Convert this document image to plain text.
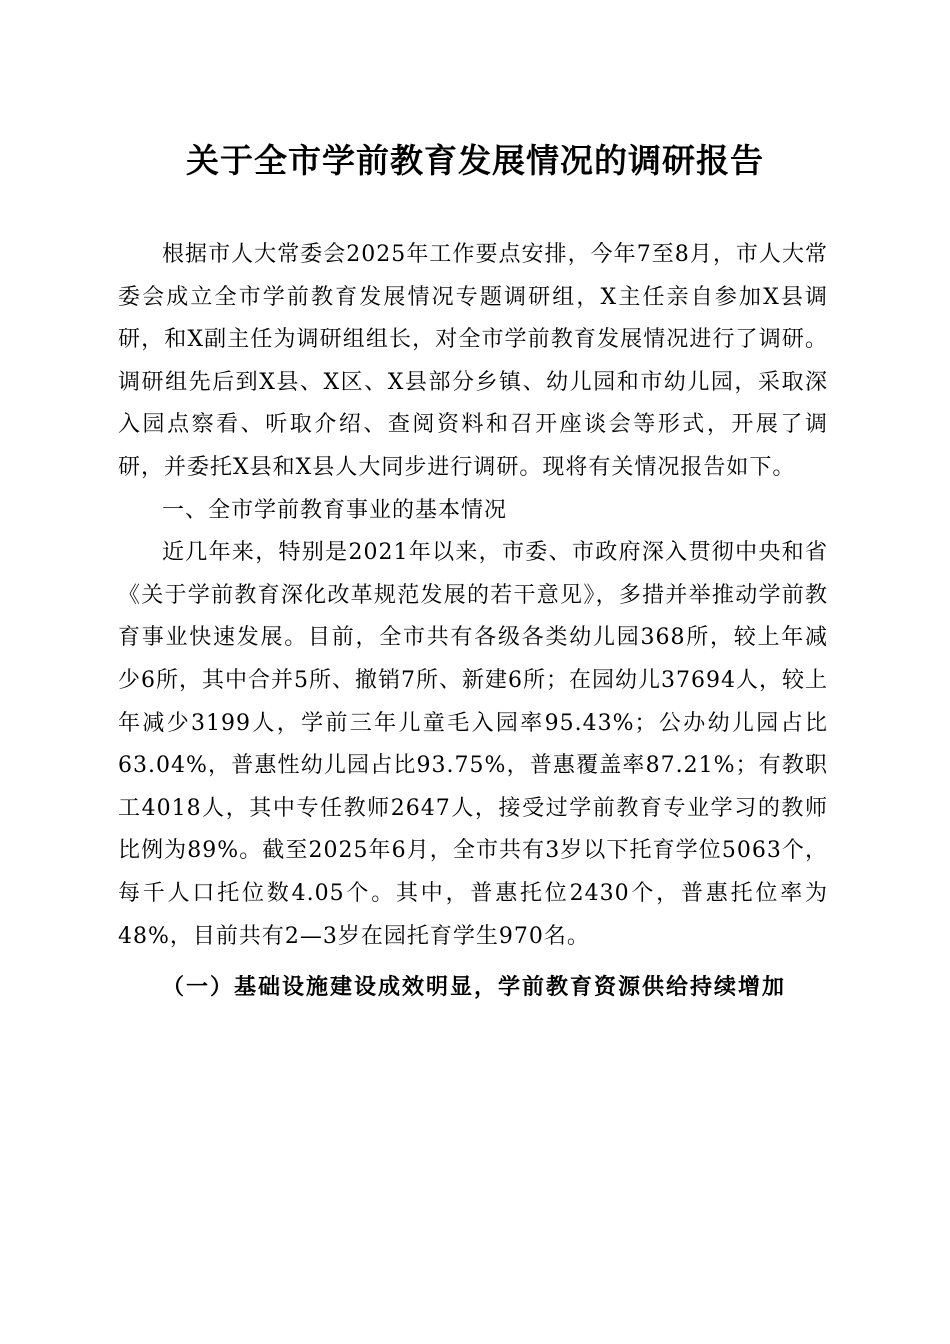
关于全市学前教育发展情况的调研报告

根据市人大常委会2025年工作要点安排，今年7至8月，市人大常委会成立全市学前教育发展情况专题调研组，X主任亲自参加X县调研，和X副主任为调研组组长，对全市学前教育发展情况进行了调研。调研组先后到X县、X区、X县部分乡镇、幼儿园和市幼儿园，采取深入园点察看、听取介绍、查阅资料和召开座谈会等形式，开展了调研，并委托X县和X县人大同步进行调研。现将有关情况报告如下。

一、全市学前教育事业的基本情况

近几年来，特别是2021年以来，市委、市政府深入贯彻中央和省《关于学前教育深化改革规范发展的若干意见》，多措并举推动学前教育事业快速发展。目前，全市共有各级各类幼儿园368所，较上年减少6所，其中合并5所、撤销7所、新建6所；在园幼儿37694人，较上年减少3199人，学前三年儿童毛入园率95.43%；公办幼儿园占比63.04%，普惠性幼儿园占比93.75%，普惠覆盖率87.21%；有教职工4018人，其中专任教师2647人，接受过学前教育专业学习的教师比例为89%。截至2025年6月，全市共有3岁以下托育学位5063个，每千人口托位数4.05个。其中，普惠托位2430个，普惠托位率为48%，目前共有2—3岁在园托育学生970名。

（一）基础设施建设成效明显，学前教育资源供给持续增加
